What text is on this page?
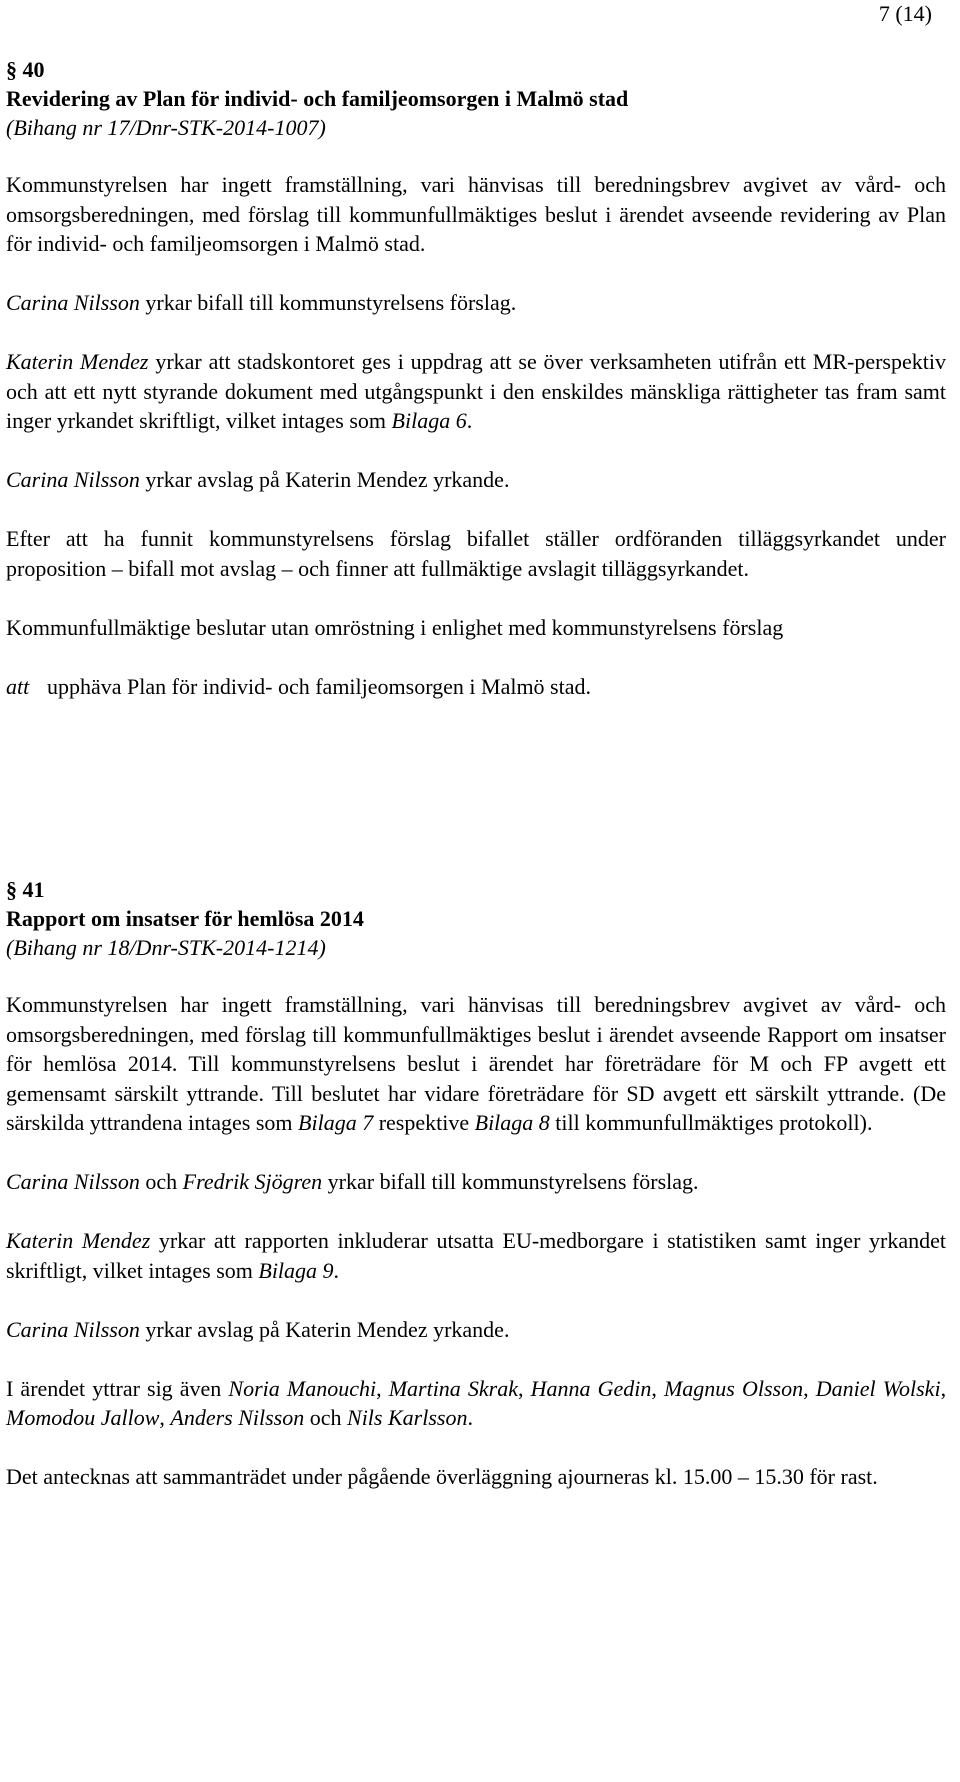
7 (14)
§ 40
Revidering av Plan för individ- och familjeomsorgen i Malmö stad
(Bihang nr 17/Dnr-STK-2014-1007)

Kommunstyrelsen har ingett framställning, vari hänvisas till beredningsbrev avgivet av vård- och omsorgsberedningen, med förslag till kommunfullmäktiges beslut i ärendet avseende revidering av Plan för individ- och familjeomsorgen i Malmö stad.

Carina Nilsson yrkar bifall till kommunstyrelsens förslag.

Katerin Mendez yrkar att stadskontoret ges i uppdrag att se över verksamheten utifrån ett MR-perspektiv och att ett nytt styrande dokument med utgångspunkt i den enskildes mänskliga rättigheter tas fram samt inger yrkandet skriftligt, vilket intages som Bilaga 6.

Carina Nilsson yrkar avslag på Katerin Mendez yrkande.

Efter att ha funnit kommunstyrelsens förslag bifallet ställer ordföranden tilläggsyrkandet under proposition – bifall mot avslag – och finner att fullmäktige avslagit tilläggsyrkandet.

Kommunfullmäktige beslutar utan omröstning i enlighet med kommunstyrelsens förslag

att upphäva Plan för individ- och familjeomsorgen i Malmö stad.
§ 41
Rapport om insatser för hemlösa 2014
(Bihang nr 18/Dnr-STK-2014-1214)

Kommunstyrelsen har ingett framställning, vari hänvisas till beredningsbrev avgivet av vård- och omsorgsberedningen, med förslag till kommunfullmäktiges beslut i ärendet avseende Rapport om insatser för hemlösa 2014. Till kommunstyrelsens beslut i ärendet har företrädare för M och FP avgett ett gemensamt särskilt yttrande. Till beslutet har vidare företrädare för SD avgett ett särskilt yttrande. (De särskilda yttrandena intages som Bilaga 7 respektive Bilaga 8 till kommunfullmäktiges protokoll).

Carina Nilsson och Fredrik Sjögren yrkar bifall till kommunstyrelsens förslag.

Katerin Mendez yrkar att rapporten inkluderar utsatta EU-medborgare i statistiken samt inger yrkandet skriftligt, vilket intages som Bilaga 9.

Carina Nilsson yrkar avslag på Katerin Mendez yrkande.

I ärendet yttrar sig även Noria Manouchi, Martina Skrak, Hanna Gedin, Magnus Olsson, Daniel Wolski, Momodou Jallow, Anders Nilsson och Nils Karlsson.

Det antecknas att sammanträdet under pågående överläggning ajourneras kl. 15.00 – 15.30 för rast.
